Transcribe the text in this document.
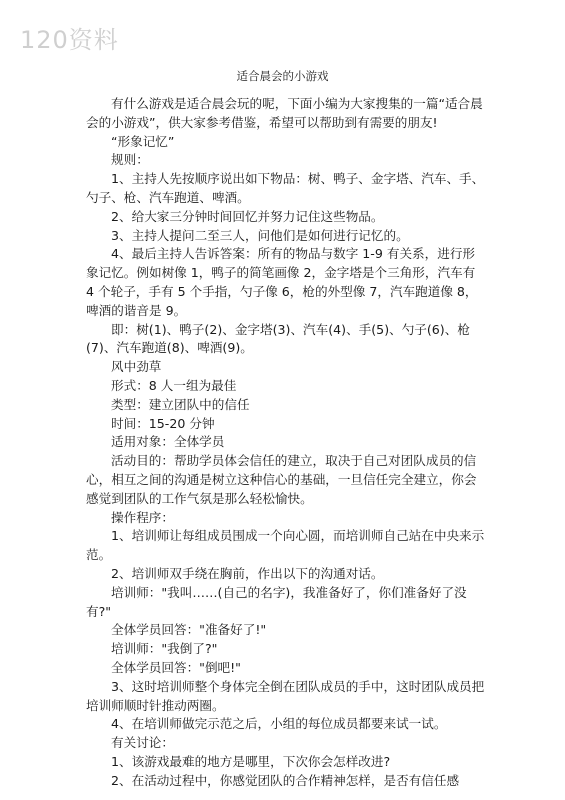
120资料
适合晨会的小游戏
有什么游戏是适合晨会玩的呢，下面小编为大家搜集的一篇“适合晨会的小游戏”，供大家参考借鉴，希望可以帮助到有需要的朋友!
“形象记忆”
规则：
1、主持人先按顺序说出如下物品：树、鸭子、金字塔、汽车、手、勺子、枪、汽车跑道、啤酒。
2、给大家三分钟时间回忆并努力记住这些物品。
3、主持人提问二至三人，问他们是如何进行记忆的。
4、最后主持人告诉答案：所有的物品与数字 1-9 有关系，进行形象记忆。例如树像 1，鸭子的简笔画像 2，金字塔是个三角形，汽车有 4 个轮子，手有 5 个手指，勺子像 6，枪的外型像 7，汽车跑道像 8，啤酒的谐音是 9。
即：树(1)、鸭子(2)、金字塔(3)、汽车(4)、手(5)、勺子(6)、枪(7)、汽车跑道(8)、啤酒(9)。
风中劲草
形式：8 人一组为最佳
类型：建立团队中的信任
时间：15-20 分钟
适用对象：全体学员
活动目的：帮助学员体会信任的建立，取决于自己对团队成员的信心，相互之间的沟通是树立这种信心的基础，一旦信任完全建立，你会感觉到团队的工作气氛是那么轻松愉快。
操作程序：
1、培训师让每组成员围成一个向心圆，而培训师自己站在中央来示范。
2、培训师双手绕在胸前，作出以下的沟通对话。
培训师："我叫……(自己的名字)，我准备好了，你们准备好了没有?"
全体学员回答："准备好了!"
培训师："我倒了?"
全体学员回答："倒吧!"
3、这时培训师整个身体完全倒在团队成员的手中，这时团队成员把培训师顺时针推动两圈。
4、在培训师做完示范之后，小组的每位成员都要来试一试。
有关讨论：
1、该游戏最难的地方是哪里，下次你会怎样改进?
2、在活动过程中，你感觉团队的合作精神怎样，是否有信任感
